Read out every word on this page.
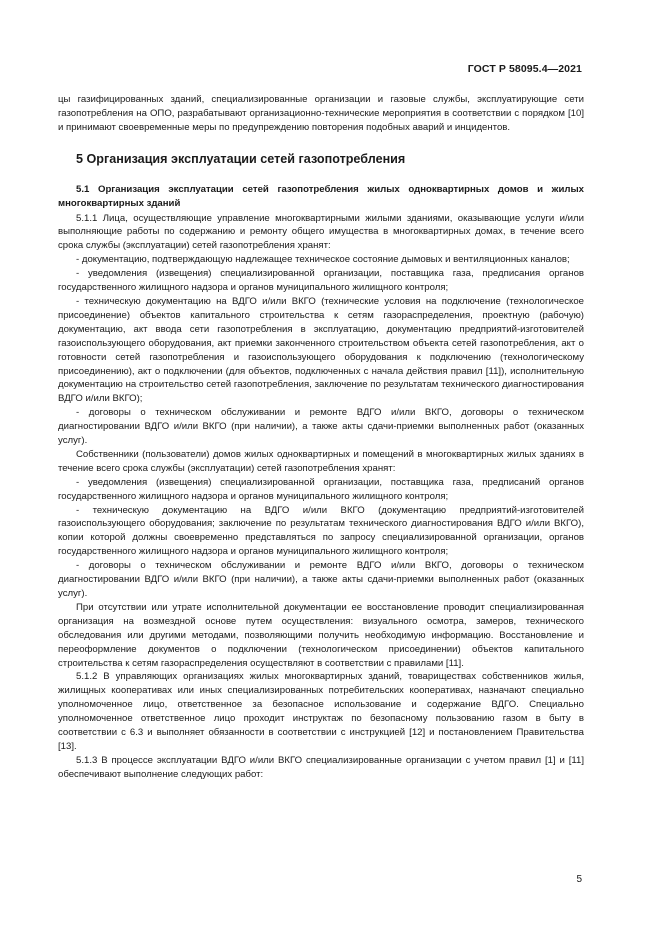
ГОСТ Р 58095.4—2021

цы газифицированных зданий, специализированные организации и газовые службы, эксплуатирующие сети газопотребления на ОПО, разрабатывают организационно-технические мероприятия в соответствии с порядком [10] и принимают своевременные меры по предупреждению повторения подобных аварий и инцидентов.

5 Организация эксплуатации сетей газопотребления

5.1 Организация эксплуатации сетей газопотребления жилых одноквартирных домов и жилых многоквартирных зданий

5.1.1 Лица, осуществляющие управление многоквартирными жилыми зданиями, оказывающие услуги и/или выполняющие работы по содержанию и ремонту общего имущества в многоквартирных домах, в течение всего срока службы (эксплуатации) сетей газопотребления хранят:

- документацию, подтверждающую надлежащее техническое состояние дымовых и вентиляционных каналов;

- уведомления (извещения) специализированной организации, поставщика газа, предписания органов государственного жилищного надзора и органов муниципального жилищного контроля;

- техническую документацию на ВДГО и/или ВКГО (технические условия на подключение (технологическое присоединение) объектов капитального строительства к сетям газораспределения, проектную (рабочую) документацию, акт ввода сети газопотребления в эксплуатацию, документацию предприятий-изготовителей газоиспользующего оборудования, акт приемки законченного строительством объекта сетей газопотребления, акт о готовности сетей газопотребления и газоиспользующего оборудования к подключению (технологическому присоединению), акт о подключении (для объектов, подключенных с начала действия правил [11]), исполнительную документацию на строительство сетей газопотребления, заключение по результатам технического диагностирования ВДГО и/или ВКГО);

- договоры о техническом обслуживании и ремонте ВДГО и/или ВКГО, договоры о техническом диагностировании ВДГО и/или ВКГО (при наличии), а также акты сдачи-приемки выполненных работ (оказанных услуг).

Собственники (пользователи) домов жилых одноквартирных и помещений в многоквартирных жилых зданиях в течение всего срока службы (эксплуатации) сетей газопотребления хранят:

- уведомления (извещения) специализированной организации, поставщика газа, предписаний органов государственного жилищного надзора и органов муниципального жилищного контроля;

- техническую документацию на ВДГО и/или ВКГО (документацию предприятий-изготовителей газоиспользующего оборудования; заключение по результатам технического диагностирования ВДГО и/или ВКГО), копии которой должны своевременно представляться по запросу специализированной организации, органов государственного жилищного надзора и органов муниципального жилищного контроля;

- договоры о техническом обслуживании и ремонте ВДГО и/или ВКГО, договоры о техническом диагностировании ВДГО и/или ВКГО (при наличии), а также акты сдачи-приемки выполненных работ (оказанных услуг).

При отсутствии или утрате исполнительной документации ее восстановление проводит специализированная организация на возмездной основе путем осуществления: визуального осмотра, замеров, технического обследования или другими методами, позволяющими получить необходимую информацию. Восстановление и переоформление документов о подключении (технологическом присоединении) объектов капитального строительства к сетям газораспределения осуществляют в соответствии с правилами [11].

5.1.2 В управляющих организациях жилых многоквартирных зданий, товариществах собственников жилья, жилищных кооперативах или иных специализированных потребительских кооперативах, назначают специально уполномоченное лицо, ответственное за безопасное использование и содержание ВДГО. Специально уполномоченное ответственное лицо проходит инструктаж по безопасному пользованию газом в быту в соответствии с 6.3 и выполняет обязанности в соответствии с инструкцией [12] и постановлением Правительства [13].

5.1.3 В процессе эксплуатации ВДГО и/или ВКГО специализированные организации с учетом правил [1] и [11] обеспечивают выполнение следующих работ:

5
